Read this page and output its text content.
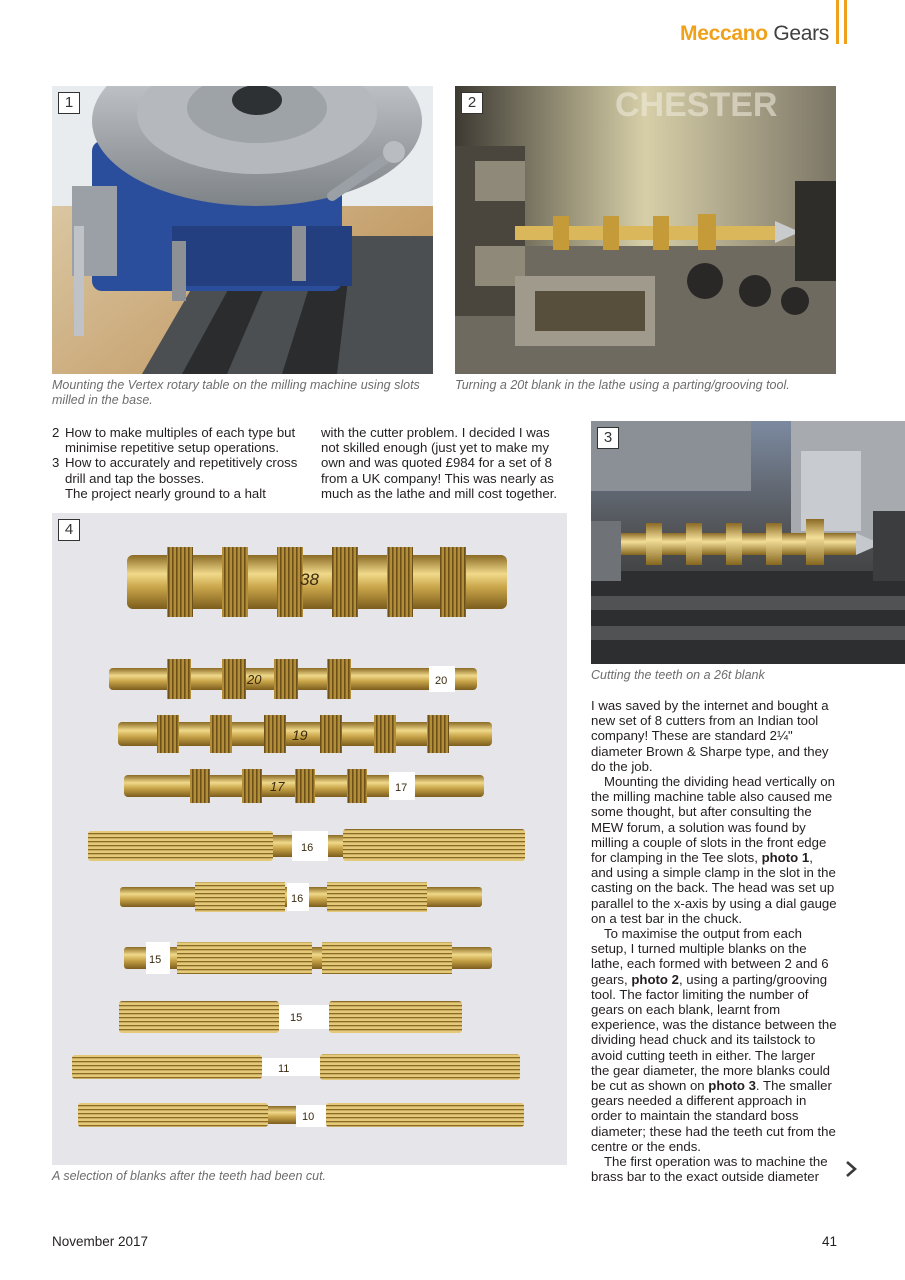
Meccano Gears
1
Mounting the Vertex rotary table on the milling machine using slots milled in the base.
CHESTER
2
Turning a 20t blank in the lathe using a parting/grooving tool.
2 How to make multiples of each type but minimise repetitive setup operations.
3 How to accurately and repetitively cross drill and tap the bosses.

The project nearly ground to a halt

with the cutter problem. I decided I was not skilled enough (just yet to make my own and was quoted £984 for a set of 8 from a UK company! This was nearly as much as the lathe and mill cost together.

38
20	20
19
17	17
16
16
15
15
11
10
4
A selection of blanks after the teeth had been cut.
3
Cutting the teeth on a 26t blank

I was saved by the internet and bought a new set of 8 cutters from an Indian tool company! These are standard 2¼" diameter Brown & Sharpe type, and they do the job.

Mounting the dividing head vertically on the milling machine table also caused me some thought, but after consulting the MEW forum, a solution was found by milling a couple of slots in the front edge for clamping in the Tee slots, photo 1, and using a simple clamp in the slot in the casting on the back. The head was set up parallel to the x-axis by using a dial gauge on a test bar in the chuck.

To maximise the output from each setup, I turned multiple blanks on the lathe, each formed with between 2 and 6 gears, photo 2, using a parting/grooving tool. The factor limiting the number of gears on each blank, learnt from experience, was the distance between the dividing head chuck and its tailstock to avoid cutting teeth in either. The larger the gear diameter, the more blanks could be cut as shown on photo 3. The smaller gears needed a different approach in order to maintain the standard boss diameter; these had the teeth cut from the centre or the ends.

The first operation was to machine the brass bar to the exact outside diameter

November 2017	41
